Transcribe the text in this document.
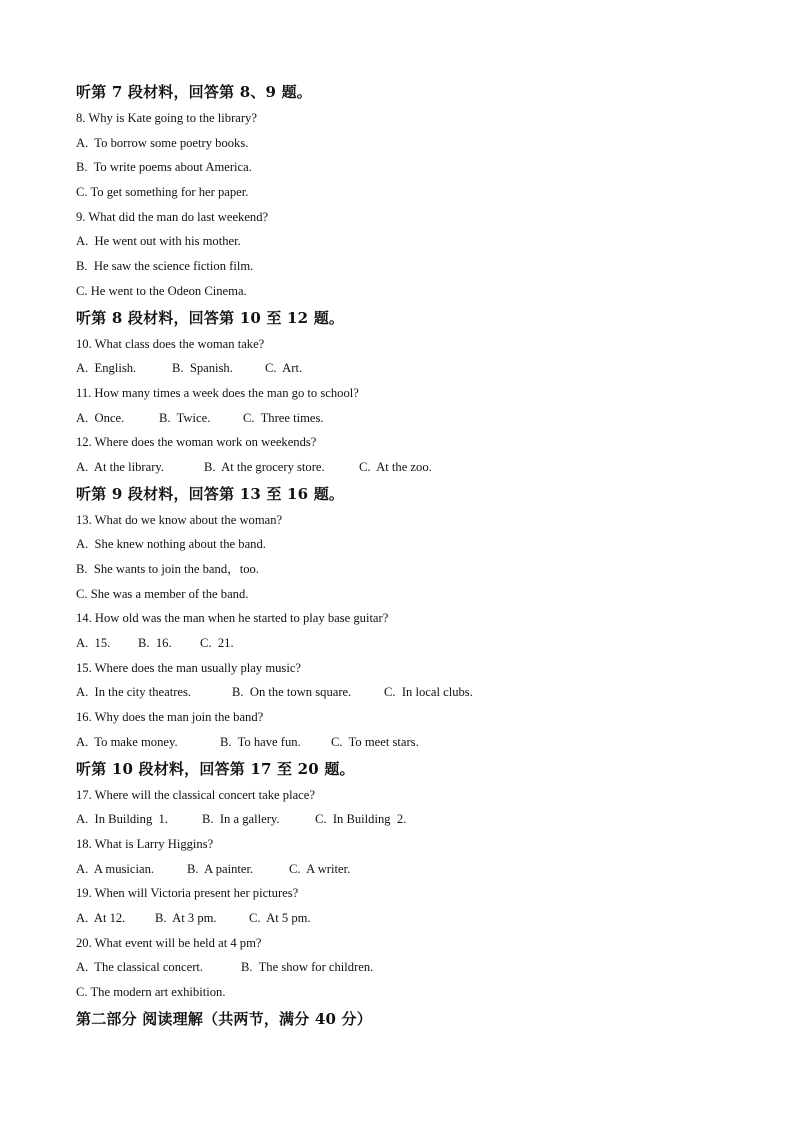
听第 7 段材料，回答第 8、9 题。
8. Why is Kate going to the library?
A.  To borrow some poetry books.
B.  To write poems about America.
C. To get something for her paper.
9. What did the man do last weekend?
A.  He went out with his mother.
B.  He saw the science fiction film.
C. He went to the Odeon Cinema.
听第 8 段材料，回答第 10 至 12 题。
10. What class does the woman take?
A.  English.	B.  Spanish.	C.  Art.
11. How many times a week does the man go to school?
A.  Once.	B.  Twice.	C.  Three times.
12. Where does the woman work on weekends?
A.  At the library.	B.  At the grocery store.	C.  At the zoo.
听第 9 段材料，回答第 13 至 16 题。
13. What do we know about the woman?
A.  She knew nothing about the band.
B.  She wants to join the band，too.
C. She was a member of the band.
14. How old was the man when he started to play base guitar?
A.  15.	B.  16.	C.  21.
15. Where does the man usually play music?
A.  In the city theatres.	B.  On the town square.	C.  In local clubs.
16. Why does the man join the band?
A.  To make money.	B.  To have fun.	C.  To meet stars.
听第 10 段材料，回答第 17 至 20 题。
17. Where will the classical concert take place?
A.  In Building  1.	B.  In a gallery.	C.  In Building  2.
18. What is Larry Higgins?
A.  A musician.	B.  A painter.	C.  A writer.
19. When will Victoria present her pictures?
A.  At 12.	B.  At 3 pm.	C.  At 5 pm.
20. What event will be held at 4 pm?
A.  The classical concert.	B.  The show for children.
C. The modern art exhibition.
第二部分 阅读理解（共两节，满分 40 分）
